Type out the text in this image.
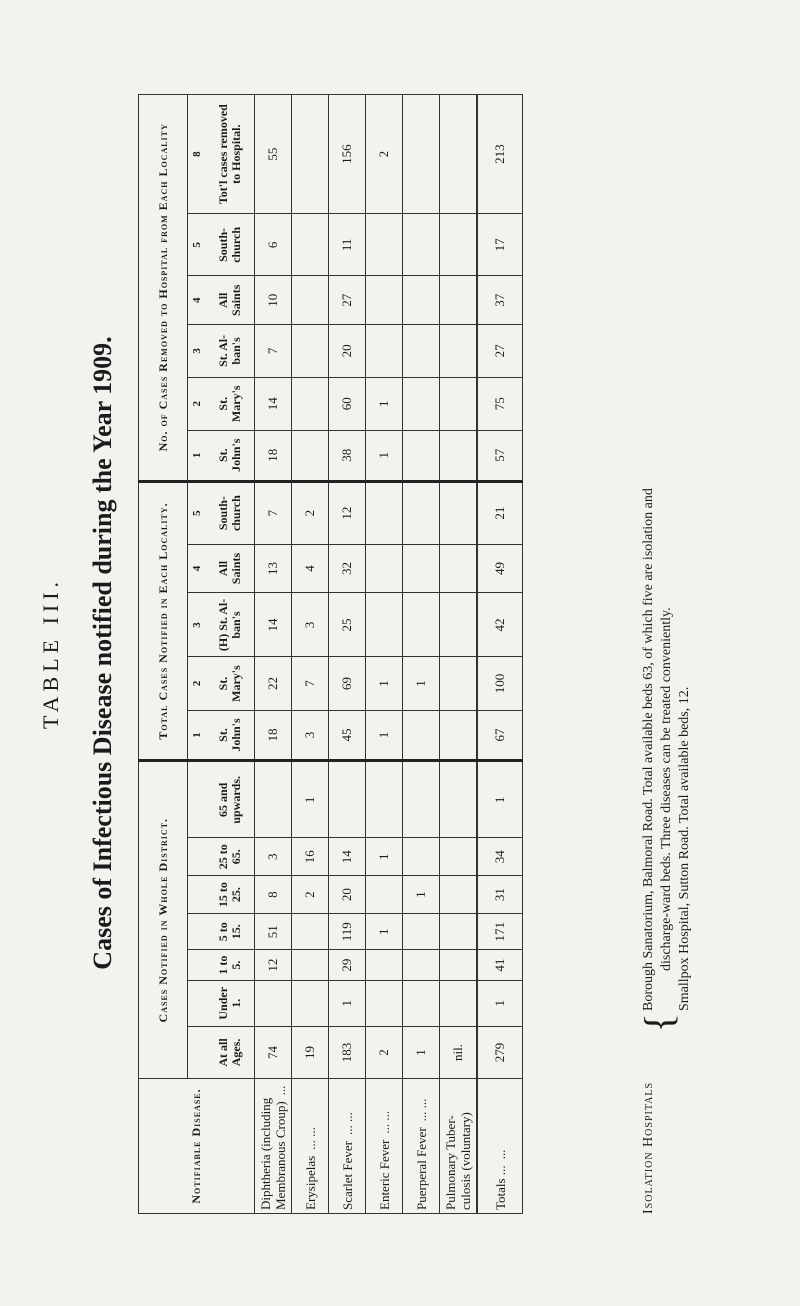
TABLE III. Cases of Infectious Disease notified during the Year 1909.
Notifiable Disease.	Cases Notified in Whole District.							Total Cases Notified in Each Locality.					No. of Cases Removed to Hospital from Each Locality					
								1	2	3	4	5	1	2	3	4	5	8
	At all Ages.	Under 1.	1 to 5.	5 to 15.	15 to 25.	25 to 65.	65 and upwards.	St. John's	St. Mary's	(H) St. Al-ban's	All Saints	South-church	St. John's	St. Mary's	St. Al-ban's	All Saints	South-church	Tot'l cases removed to Hospital.
Diphtheria (including Membranous Croup)...	74		12	51	8	3		18	22	14	13	7	18	14	7	10	6	55
Erysipelas... ...	19				2	16	1	3	7	3	4	2						
Scarlet Fever... ...	183	1	29	119	20	14		45	69	25	32	12	38	60	20	27	11	156
Enteric Fever... ...	2			1		1		1	1				1	1				2
Puerperal Fever... ...	1				1				1									
Pulmonary Tuber-culosis (voluntary)	nil.																	
Totals ......	279	1	41	171	31	34	1	67	100	42	49	21	57	75	27	37	17	213
Isolation Hospitals {
Borough Sanatorium, Balmoral Road. Total available beds 63, of which five are isolation and discharge-ward beds. Three diseases can be treated conveniently. Smallpox Hospital, Sutton Road. Total available beds, 12.
